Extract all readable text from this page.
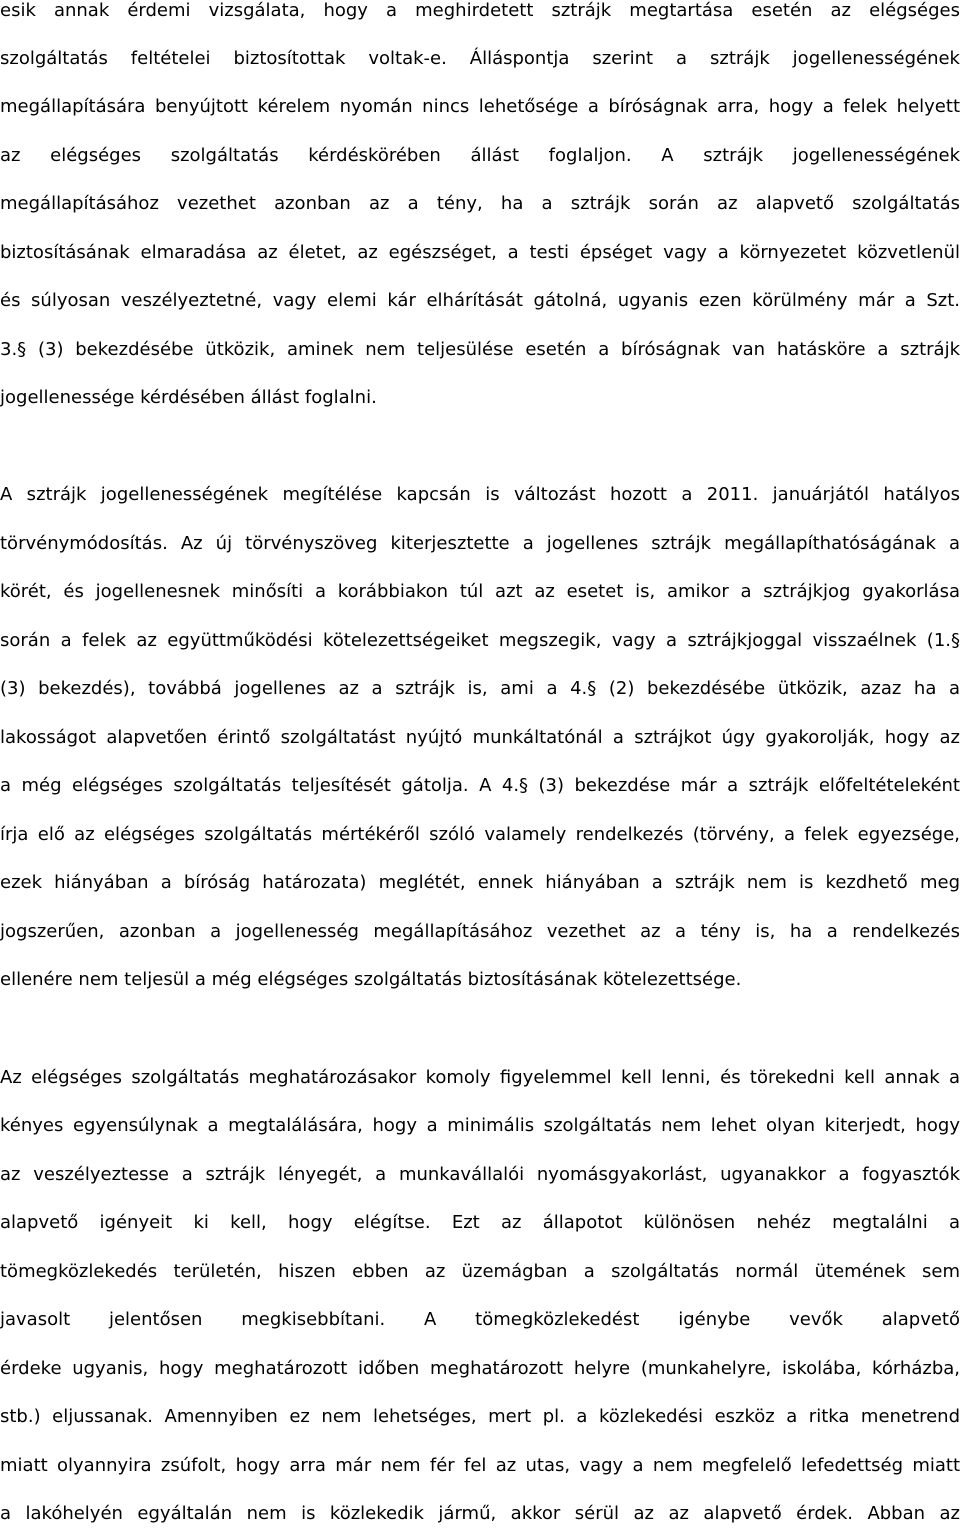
esik annak érdemi vizsgálata, hogy a meghirdetett sztrájk megtartása esetén az elégséges
szolgáltatás feltételei biztosítottak voltak-e. Álláspontja szerint a sztrájk jogellenességének
megállapítására benyújtott kérelem nyomán nincs lehetősége a bíróságnak arra, hogy a felek helyett
az elégséges szolgáltatás kérdéskörében állást foglaljon. A sztrájk jogellenességének
megállapításához vezethet azonban az a tény, ha a sztrájk során az alapvető szolgáltatás
biztosításának elmaradása az életet, az egészséget, a testi épséget vagy a környezetet közvetlenül
és súlyosan veszélyeztetné, vagy elemi kár elhárítását gátolná, ugyanis ezen körülmény már a Szt.
3.§ (3) bekezdésébe ütközik, aminek nem teljesülése esetén a bíróságnak van hatásköre a sztrájk
jogellenessége kérdésében állást foglalni.
A sztrájk jogellenességének megítélése kapcsán is változást hozott a 2011. januárjától hatályos
törvénymódosítás. Az új törvényszöveg kiterjesztette a jogellenes sztrájk megállapíthatóságának a
körét, és jogellenesnek minősíti a korábbiakon túl azt az esetet is, amikor a sztrájkjog gyakorlása
során a felek az együttműködési kötelezettségeiket megszegik, vagy a sztrájkjoggal visszaélnek (1.§
(3) bekezdés), továbbá jogellenes az a sztrájk is, ami a 4.§ (2) bekezdésébe ütközik, azaz ha a
lakosságot alapvetően érintő szolgáltatást nyújtó munkáltatónál a sztrájkot úgy gyakorolják, hogy az
a még elégséges szolgáltatás teljesítését gátolja. A 4.§ (3) bekezdése már a sztrájk előfeltételeként
írja elő az elégséges szolgáltatás mértékéről szóló valamely rendelkezés (törvény, a felek egyezsége,
ezek hiányában a bíróság határozata) meglétét, ennek hiányában a sztrájk nem is kezdhető meg
jogszerűen, azonban a jogellenesség megállapításához vezethet az a tény is, ha a rendelkezés
ellenére nem teljesül a még elégséges szolgáltatás biztosításának kötelezettsége.
Az elégséges szolgáltatás meghatározásakor komoly figyelemmel kell lenni, és törekedni kell annak a
kényes egyensúlynak a megtalálására, hogy a minimális szolgáltatás nem lehet olyan kiterjedt, hogy
az veszélyeztesse a sztrájk lényegét, a munkavállalói nyomásgyakorlást, ugyanakkor a fogyasztók
alapvető igényeit ki kell, hogy elégítse. Ezt az állapotot különösen nehéz megtalálni a
tömegközlekedés területén, hiszen ebben az üzemágban a szolgáltatás normál ütemének sem
javasolt jelentősen megkisebbítani. A tömegközlekedést igénybe vevők alapvető
érdeke ugyanis, hogy meghatározott időben meghatározott helyre (munkahelyre, iskolába, kórházba,
stb.) eljussanak. Amennyiben ez nem lehetséges, mert pl. a közlekedési eszköz a ritka menetrend
miatt olyannyira zsúfolt, hogy arra már nem fér fel az utas, vagy a nem megfelelő lefedettség miatt
a lakóhelyén egyáltalán nem is közlekedik jármű, akkor sérül az az alapvető érdek. Abban az
